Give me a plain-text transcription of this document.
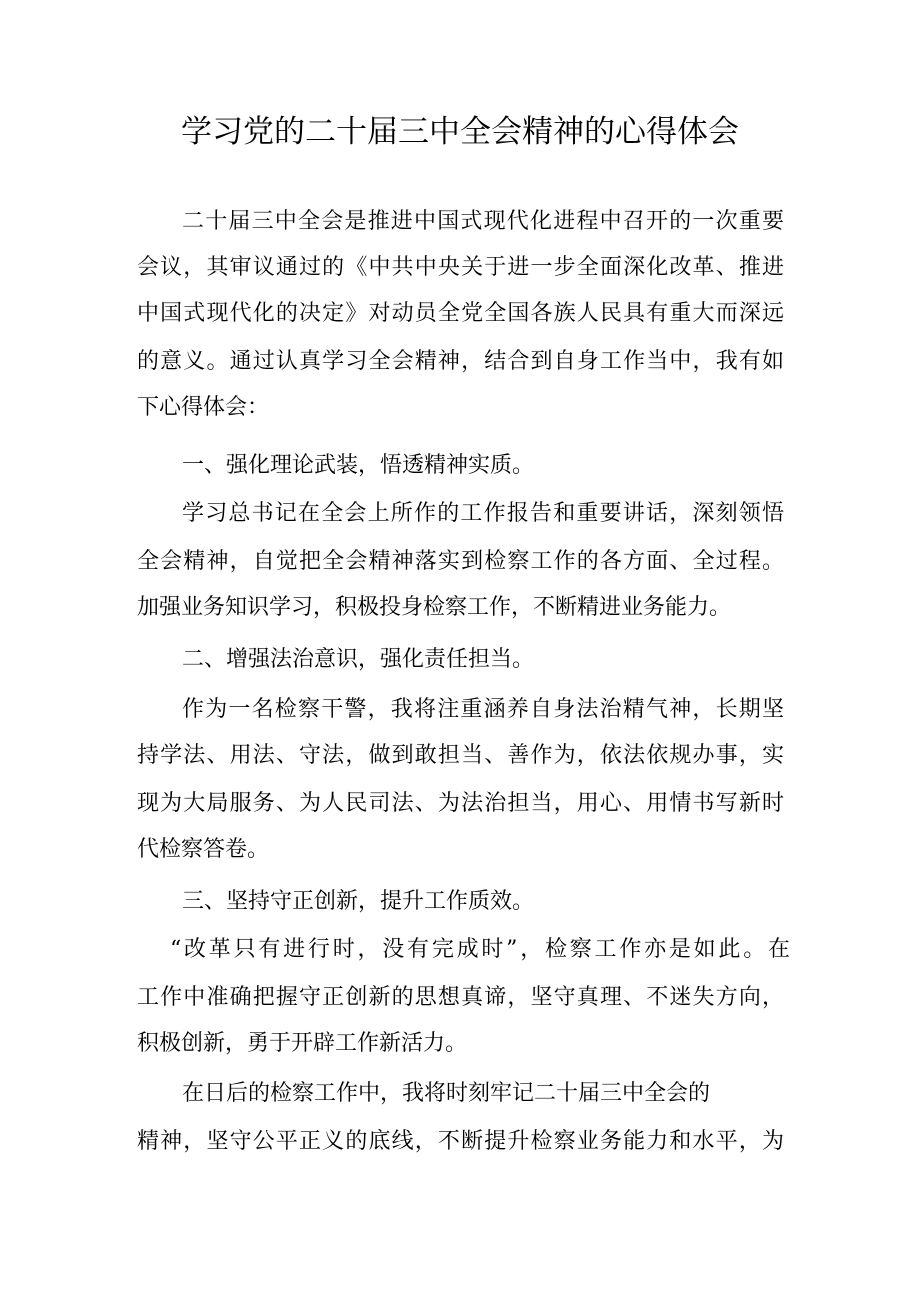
学习党的二十届三中全会精神的心得体会
二十届三中全会是推进中国式现代化进程中召开的一次重要
会议，其审议通过的《中共中央关于进一步全面深化改革、推进
中国式现代化的决定》对动员全党全国各族人民具有重大而深远
的意义。通过认真学习全会精神，结合到自身工作当中，我有如
下心得体会：
一、强化理论武装，悟透精神实质。
学习总书记在全会上所作的工作报告和重要讲话，深刻领悟
全会精神，自觉把全会精神落实到检察工作的各方面、全过程。
加强业务知识学习，积极投身检察工作，不断精进业务能力。
二、增强法治意识，强化责任担当。
作为一名检察干警，我将注重涵养自身法治精气神，长期坚
持学法、用法、守法，做到敢担当、善作为，依法依规办事，实
现为大局服务、为人民司法、为法治担当，用心、用情书写新时
代检察答卷。
三、坚持守正创新，提升工作质效。
“改革只有进行时，没有完成时”，检察工作亦是如此。在
工作中准确把握守正创新的思想真谛，坚守真理、不迷失方向，
积极创新，勇于开辟工作新活力。
在日后的检察工作中，我将时刻牢记二十届三中全会的
精神，坚守公平正义的底线，不断提升检察业务能力和水平，为
